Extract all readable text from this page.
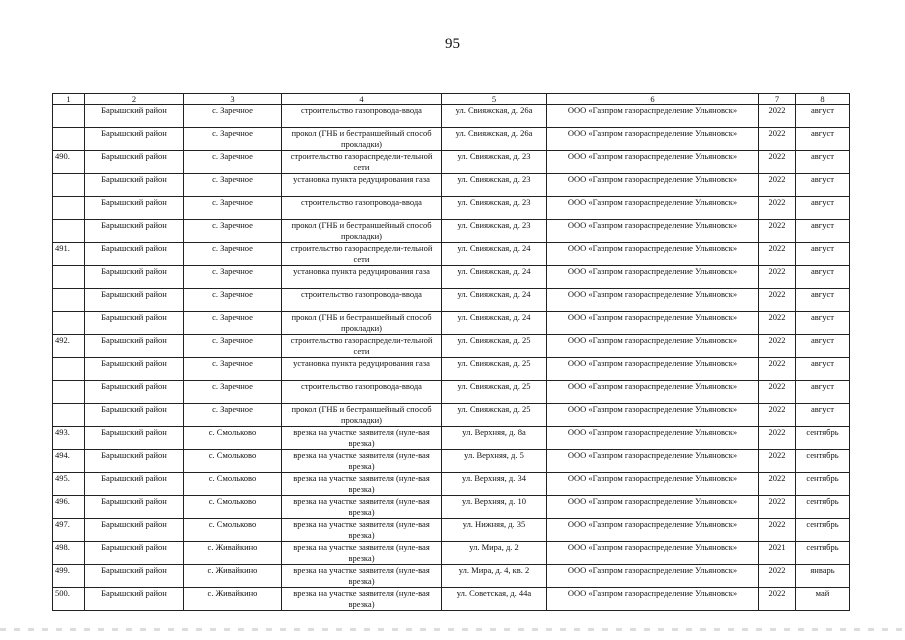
95
1	2	3	4	5	6	7	8
	Барышский район	с. Заречное	строительство газопровода-ввода	ул. Свияжская, д. 26а	ООО «Газпром газораспределение Ульяновск»	2022	август
	Барышский район	с. Заречное	прокол (ГНБ и бестраншейный способ прокладки)	ул. Свияжская, д. 26а	ООО «Газпром газораспределение Ульяновск»	2022	август
490.	Барышский район	с. Заречное	строительство газораспредели-тельной сети	ул. Свияжская, д. 23	ООО «Газпром газораспределение Ульяновск»	2022	август
	Барышский район	с. Заречное	установка пункта редуцирования газа	ул. Свияжская, д. 23	ООО «Газпром газораспределение Ульяновск»	2022	август
	Барышский район	с. Заречное	строительство газопровода-ввода	ул. Свияжская, д. 23	ООО «Газпром газораспределение Ульяновск»	2022	август
	Барышский район	с. Заречное	прокол (ГНБ и бестраншейный способ прокладки)	ул. Свияжская, д. 23	ООО «Газпром газораспределение Ульяновск»	2022	август
491.	Барышский район	с. Заречное	строительство газораспредели-тельной сети	ул. Свияжская, д. 24	ООО «Газпром газораспределение Ульяновск»	2022	август
	Барышский район	с. Заречное	установка пункта редуцирования газа	ул. Свияжская, д. 24	ООО «Газпром газораспределение Ульяновск»	2022	август
	Барышский район	с. Заречное	строительство газопровода-ввода	ул. Свияжская, д. 24	ООО «Газпром газораспределение Ульяновск»	2022	август
	Барышский район	с. Заречное	прокол (ГНБ и бестраншейный способ прокладки)	ул. Свияжская, д. 24	ООО «Газпром газораспределение Ульяновск»	2022	август
492.	Барышский район	с. Заречное	строительство газораспредели-тельной сети	ул. Свияжская, д. 25	ООО «Газпром газораспределение Ульяновск»	2022	август
	Барышский район	с. Заречное	установка пункта редуцирования газа	ул. Свияжская, д. 25	ООО «Газпром газораспределение Ульяновск»	2022	август
	Барышский район	с. Заречное	строительство газопровода-ввода	ул. Свияжская, д. 25	ООО «Газпром газораспределение Ульяновск»	2022	август
	Барышский район	с. Заречное	прокол (ГНБ и бестраншейный способ прокладки)	ул. Свияжская, д. 25	ООО «Газпром газораспределение Ульяновск»	2022	август
493.	Барышский район	с. Смольково	врезка на участке заявителя (нуле-вая врезка)	ул. Верхняя, д. 8а	ООО «Газпром газораспределение Ульяновск»	2022	сентябрь
494.	Барышский район	с. Смольково	врезка на участке заявителя (нуле-вая врезка)	ул. Верхняя, д. 5	ООО «Газпром газораспределение Ульяновск»	2022	сентябрь
495.	Барышский район	с. Смольково	врезка на участке заявителя (нуле-вая врезка)	ул. Верхняя, д. 34	ООО «Газпром газораспределение Ульяновск»	2022	сентябрь
496.	Барышский район	с. Смольково	врезка на участке заявителя (нуле-вая врезка)	ул. Верхняя, д. 10	ООО «Газпром газораспределение Ульяновск»	2022	сентябрь
497.	Барышский район	с. Смольково	врезка на участке заявителя (нуле-вая врезка)	ул. Нижняя, д. 35	ООО «Газпром газораспределение Ульяновск»	2022	сентябрь
498.	Барышский район	с. Живайкино	врезка на участке заявителя (нуле-вая врезка)	ул. Мира, д. 2	ООО «Газпром газораспределение Ульяновск»	2021	сентябрь
499.	Барышский район	с. Живайкино	врезка на участке заявителя (нуле-вая врезка)	ул. Мира, д. 4, кв. 2	ООО «Газпром газораспределение Ульяновск»	2022	январь
500.	Барышский район	с. Живайкино	врезка на участке заявителя (нуле-вая врезка)	ул. Советская, д. 44а	ООО «Газпром газораспределение Ульяновск»	2022	май
